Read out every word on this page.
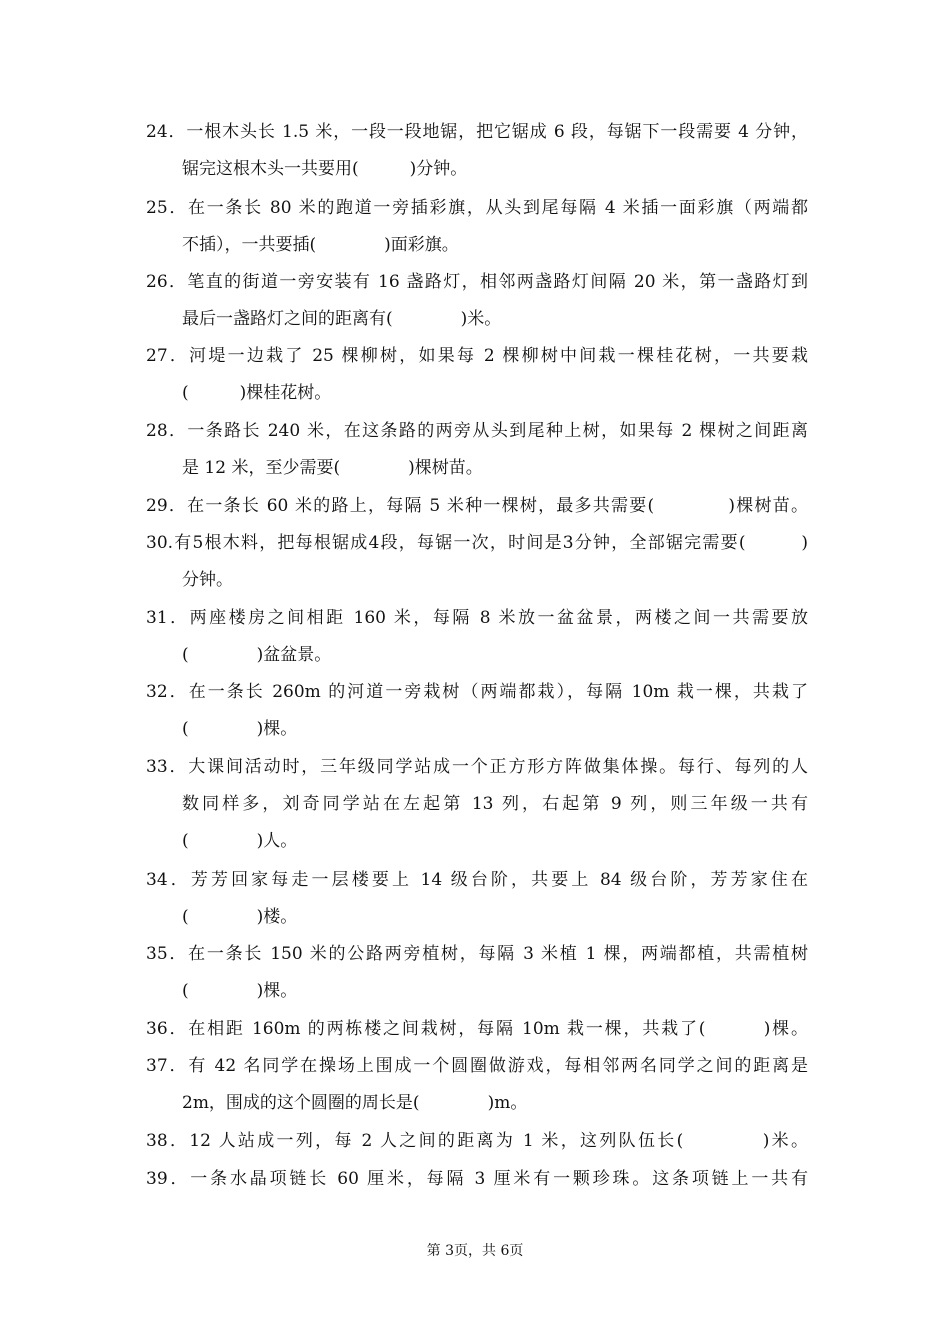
24．一根木头长 1.5 米，一段一段地锯，把它锯成 6 段，每锯下一段需要 4 分钟，
锯完这根木头一共要用(　　　)分钟。
25．在一条长 80 米的跑道一旁插彩旗，从头到尾每隔 4 米插一面彩旗（两端都
不插），一共要插(　　　　)面彩旗。
26．笔直的街道一旁安装有 16 盏路灯，相邻两盏路灯间隔 20 米，第一盏路灯到
最后一盏路灯之间的距离有(　　　　)米。
27．河堤一边栽了 25 棵柳树，如果每 2 棵柳树中间栽一棵桂花树，一共要栽
(　　　)棵桂花树。
28．一条路长 240 米，在这条路的两旁从头到尾种上树，如果每 2 棵树之间距离
是 12 米，至少需要(　　　　)棵树苗。
29．在一条长 60 米的路上，每隔 5 米种一棵树，最多共需要(　　　　)棵树苗。
30.有5根木料，把每根锯成4段，每锯一次，时间是3分钟，全部锯完需要(　　　)
分钟。
31．两座楼房之间相距 160 米，每隔 8 米放一盆盆景，两楼之间一共需要放
(　　　　)盆盆景。
32．在一条长 260m 的河道一旁栽树（两端都栽），每隔 10m 栽一棵，共栽了
(　　　　)棵。
33．大课间活动时，三年级同学站成一个正方形方阵做集体操。每行、每列的人
数同样多，刘奇同学站在左起第 13 列，右起第 9 列，则三年级一共有
(　　　　)人。
34．芳芳回家每走一层楼要上 14 级台阶，共要上 84 级台阶，芳芳家住在
(　　　　)楼。
35．在一条长 150 米的公路两旁植树，每隔 3 米植 1 棵，两端都植，共需植树
(　　　　)棵。
36．在相距 160m 的两栋楼之间栽树，每隔 10m 栽一棵，共栽了(　　　)棵。
37．有 42 名同学在操场上围成一个圆圈做游戏，每相邻两名同学之间的距离是
2m，围成的这个圆圈的周长是(　　　　)m。
38．12 人站成一列，每 2 人之间的距离为 1 米，这列队伍长(　　　　)米。
39．一条水晶项链长 60 厘米，每隔 3 厘米有一颗珍珠。这条项链上一共有
第 3页，共 6页
